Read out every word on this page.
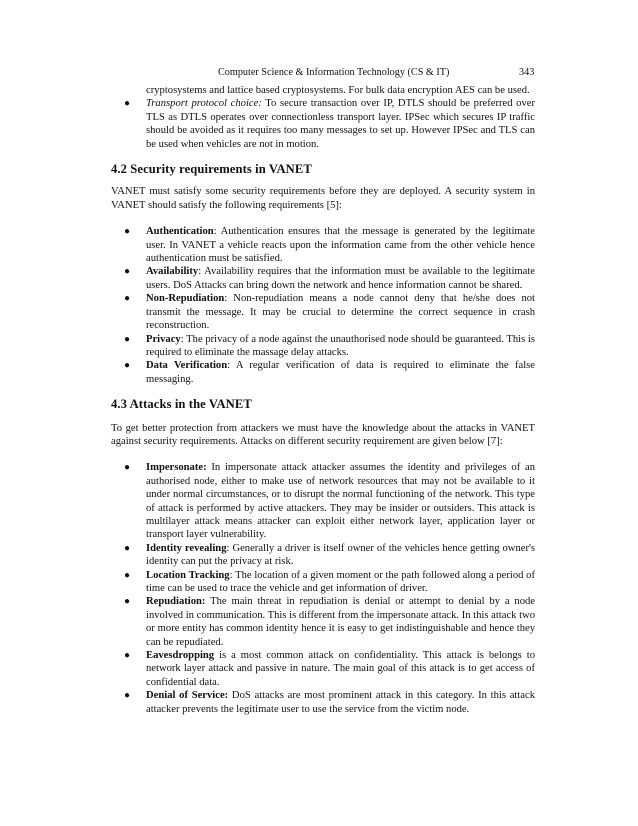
Computer Science & Information Technology (CS & IT)	343
cryptosystems and lattice based cryptosystems. For bulk data encryption AES can be used.
●	Transport protocol choice: To secure transaction over IP, DTLS should be preferred over TLS as DTLS operates over connectionless transport layer. IPSec which secures IP traffic should be avoided as it requires too many messages to set up. However IPSec and TLS can be used when vehicles are not in motion.
4.2 Security requirements in VANET
VANET must satisfy some security requirements before they are deployed. A security system in VANET should satisfy the following requirements [5]:
●	Authentication: Authentication ensures that the message is generated by the legitimate user. In VANET a vehicle reacts upon the information came from the other vehicle hence authentication must be satisfied.
●	Availability: Availability requires that the information must be available to the legitimate users. DoS Attacks can bring down the network and hence information cannot be shared.
●	Non-Repudiation: Non-repudiation means a node cannot deny that he/she does not transmit the message. It may be crucial to determine the correct sequence in crash reconstruction.
●	Privacy: The privacy of a node against the unauthorised node should be guaranteed. This is required to eliminate the massage delay attacks.
●	Data Verification: A regular verification of data is required to eliminate the false messaging.
4.3 Attacks in the VANET
To get better protection from attackers we must have the knowledge about the attacks in VANET against security requirements. Attacks on different security requirement are given below [7]:
●	Impersonate: In impersonate attack attacker assumes the identity and privileges of an authorised node, either to make use of network resources that may not be available to it under normal circumstances, or to disrupt the normal functioning of the network. This type of attack is performed by active attackers. They may be insider or outsiders. This attack is multilayer attack means attacker can exploit either network layer, application layer or transport layer vulnerability.
●	Identity revealing: Generally a driver is itself owner of the vehicles hence getting owner's identity can put the privacy at risk.
●	Location Tracking: The location of a given moment or the path followed along a period of time can be used to trace the vehicle and get information of driver.
●	Repudiation: The main threat in repudiation is denial or attempt to denial by a node involved in communication. This is different from the impersonate attack. In this attack two or more entity has common identity hence it is easy to get indistinguishable and hence they can be repudiated.
●	Eavesdropping is a most common attack on confidentiality. This attack is belongs to network layer attack and passive in nature. The main goal of this attack is to get access of confidential data.
●	Denial of Service: DoS attacks are most prominent attack in this category. In this attack attacker prevents the legitimate user to use the service from the victim node.
